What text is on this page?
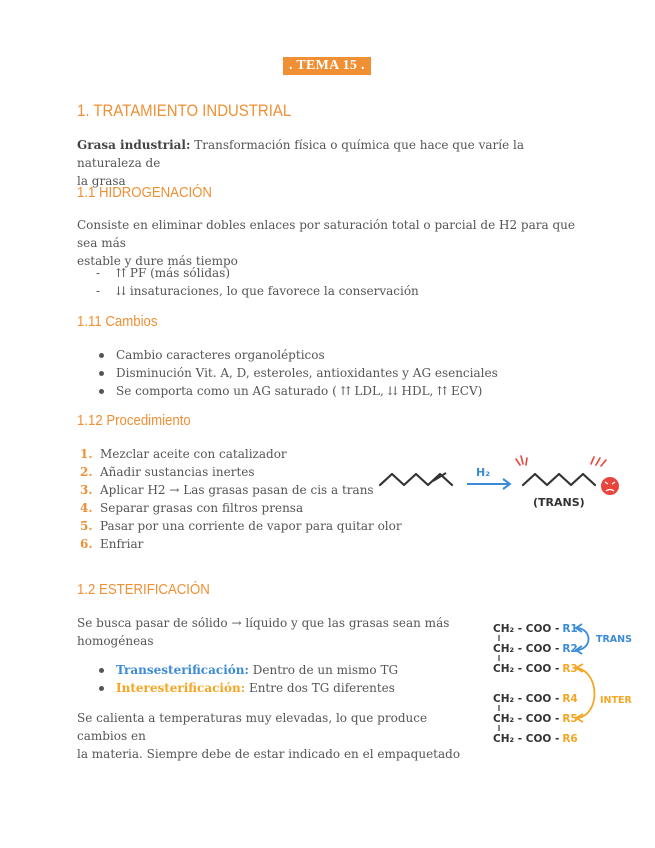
. TEMA 15 .
1. TRATAMIENTO INDUSTRIAL

Grasa industrial: Transformación física o química que hace que varíe la naturaleza de
la grasa

1.1 HIDROGENACIÓN

Consiste en eliminar dobles enlaces por saturación total o parcial de H2 para que sea más
estable y dure más tiempo

- ⇈ PF (más sólidas)
- ⇊ insaturaciones, lo que favorece la conservación
1.11 Cambios
Cambio caracteres organolépticos
Disminución Vit. A, D, esteroles, antioxidantes y AG esenciales
Se comporta como un AG saturado ( ⇈ LDL, ⇊ HDL, ⇈ ECV)
1.12 Procedimiento
1. Mezclar aceite con catalizador
2. Añadir sustancias inertes
3. Aplicar H2 → Las grasas pasan de cis a trans
4. Separar grasas con filtros prensa
5. Pasar por una corriente de vapor para quitar olor
6. Enfriar
H₂
(TRANS)
1.2 ESTERIFICACIÓN

Se busca pasar de sólido → líquido y que las grasas sean más
homogéneas

Transesterificación: Dentro de un mismo TG
Interesterificación: Entre dos TG diferentes

Se calienta a temperaturas muy elevadas, lo que produce cambios en
la materia. Siempre debe de estar indicado en el empaquetado

CH₂ - COO - R1
CH₂ - COO - R2
CH₂ - COO - R3
CH₂ - COO - R4
CH₂ - COO - R5
CH₂ - COO - R6
TRANS
INTER
